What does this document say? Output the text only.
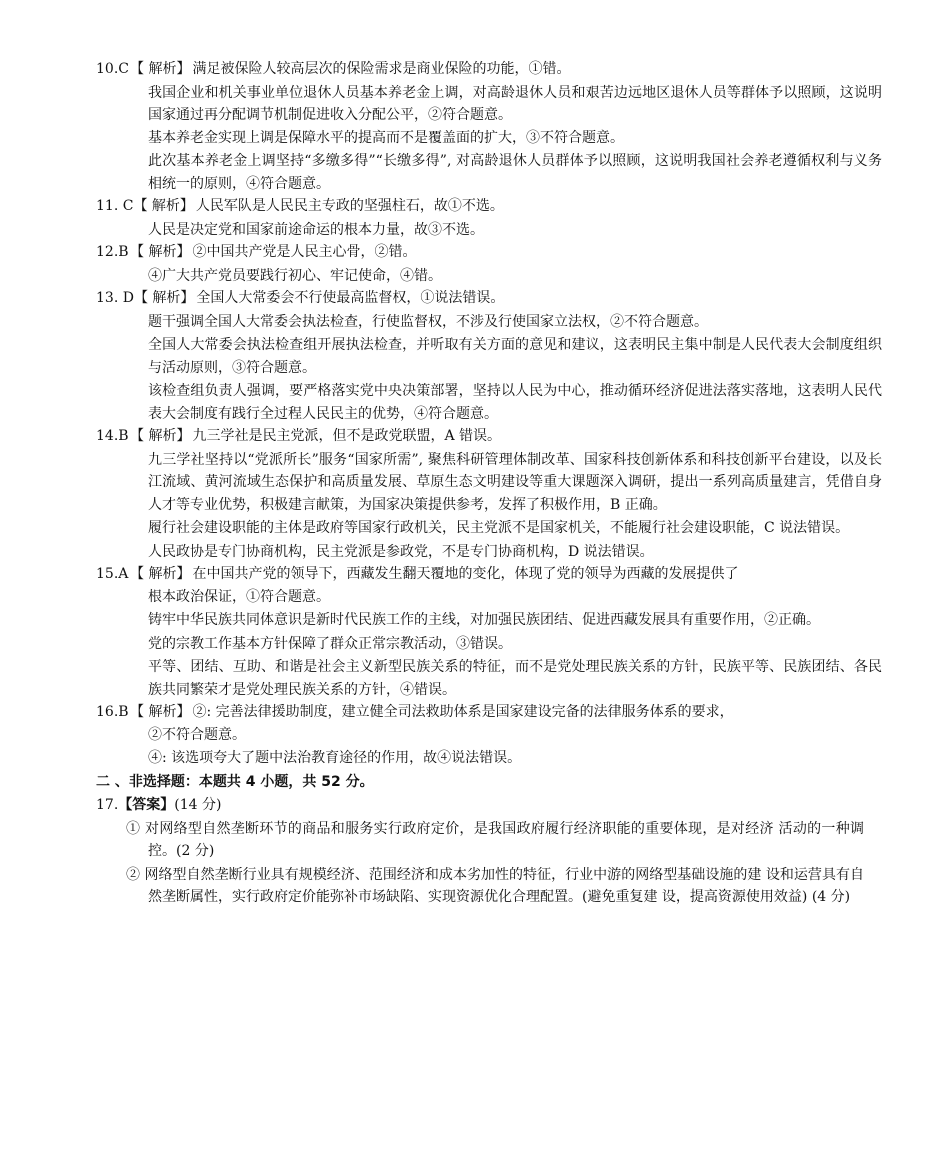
10.C【 解析】 满足被保险人较高层次的保险需求是商业保险的功能，①错。
我国企业和机关事业单位退休人员基本养老金上调，对高龄退休人员和艰苦边远地区退休人员等群体予以照顾，这说明国家通过再分配调节机制促进收入分配公平，②符合题意。
基本养老金实现上调是保障水平的提高而不是覆盖面的扩大，③不符合题意。
此次基本养老金上调坚持“多缴多得”“长缴多得”, 对高龄退休人员群体予以照顾，这说明我国社会养老遵循权利与义务相统一的原则，④符合题意。
11. C【 解析】 人民军队是人民民主专政的坚强柱石，故①不选。
人民是决定党和国家前途命运的根本力量，故③不选。
12.B【 解析】 ②中国共产党是人民主心骨，②错。
④广大共产党员要践行初心、牢记使命，④错。
13. D【 解析】 全国人大常委会不行使最高监督权，①说法错误。
题干强调全国人大常委会执法检查，行使监督权，不涉及行使国家立法权，②不符合题意。
全国人大常委会执法检查组开展执法检查，并听取有关方面的意见和建议，这表明民主集中制是人民代表大会制度组织与活动原则，③符合题意。
该检查组负责人强调，要严格落实党中央决策部署，坚持以人民为中心，推动循环经济促进法落实落地，这表明人民代表大会制度有践行全过程人民民主的优势，④符合题意。
14.B【 解析】 九三学社是民主党派，但不是政党联盟，A 错误。
九三学社坚持以“党派所长”服务“国家所需”, 聚焦科研管理体制改革、国家科技创新体系和科技创新平台建设，以及长江流域、黄河流域生态保护和高质量发展、草原生态文明建设等重大课题深入调研，提出一系列高质量建言，凭借自身人才等专业优势，积极建言献策，为国家决策提供参考，发挥了积极作用，B 正确。
履行社会建设职能的主体是政府等国家行政机关，民主党派不是国家机关，不能履行社会建设职能，C 说法错误。
人民政协是专门协商机构，民主党派是参政党，不是专门协商机构，D 说法错误。
15.A 【 解析】 在中国共产党的领导下，西藏发生翻天覆地的变化，体现了党的领导为西藏的发展提供了
根本政治保证，①符合题意。
铸牢中华民族共同体意识是新时代民族工作的主线，对加强民族团结、促进西藏发展具有重要作用，②正确。
党的宗教工作基本方针保障了群众正常宗教活动，③错误。
平等、团结、互助、和谐是社会主义新型民族关系的特征，而不是党处理民族关系的方针，民族平等、民族团结、各民族共同繁荣才是党处理民族关系的方针，④错误。
16.B【 解析】 ②: 完善法律援助制度，建立健全司法救助体系是国家建设完备的法律服务体系的要求，
②不符合题意。
④: 该选项夸大了题中法治教育途径的作用，故④说法错误。
二 、非选择题：本题共 4 小题，共 52 分。
17.【答案】(14 分)
① 对网络型自然垄断环节的商品和服务实行政府定价，是我国政府履行经济职能的重要体现，是对经济 活动的一种调控。(2 分)
② 网络型自然垄断行业具有规模经济、范围经济和成本劣加性的特征，行业中游的网络型基础设施的建 设和运营具有自然垄断属性，实行政府定价能弥补市场缺陷、实现资源优化合理配置。(避免重复建 设，提高资源使用效益) (4 分)
